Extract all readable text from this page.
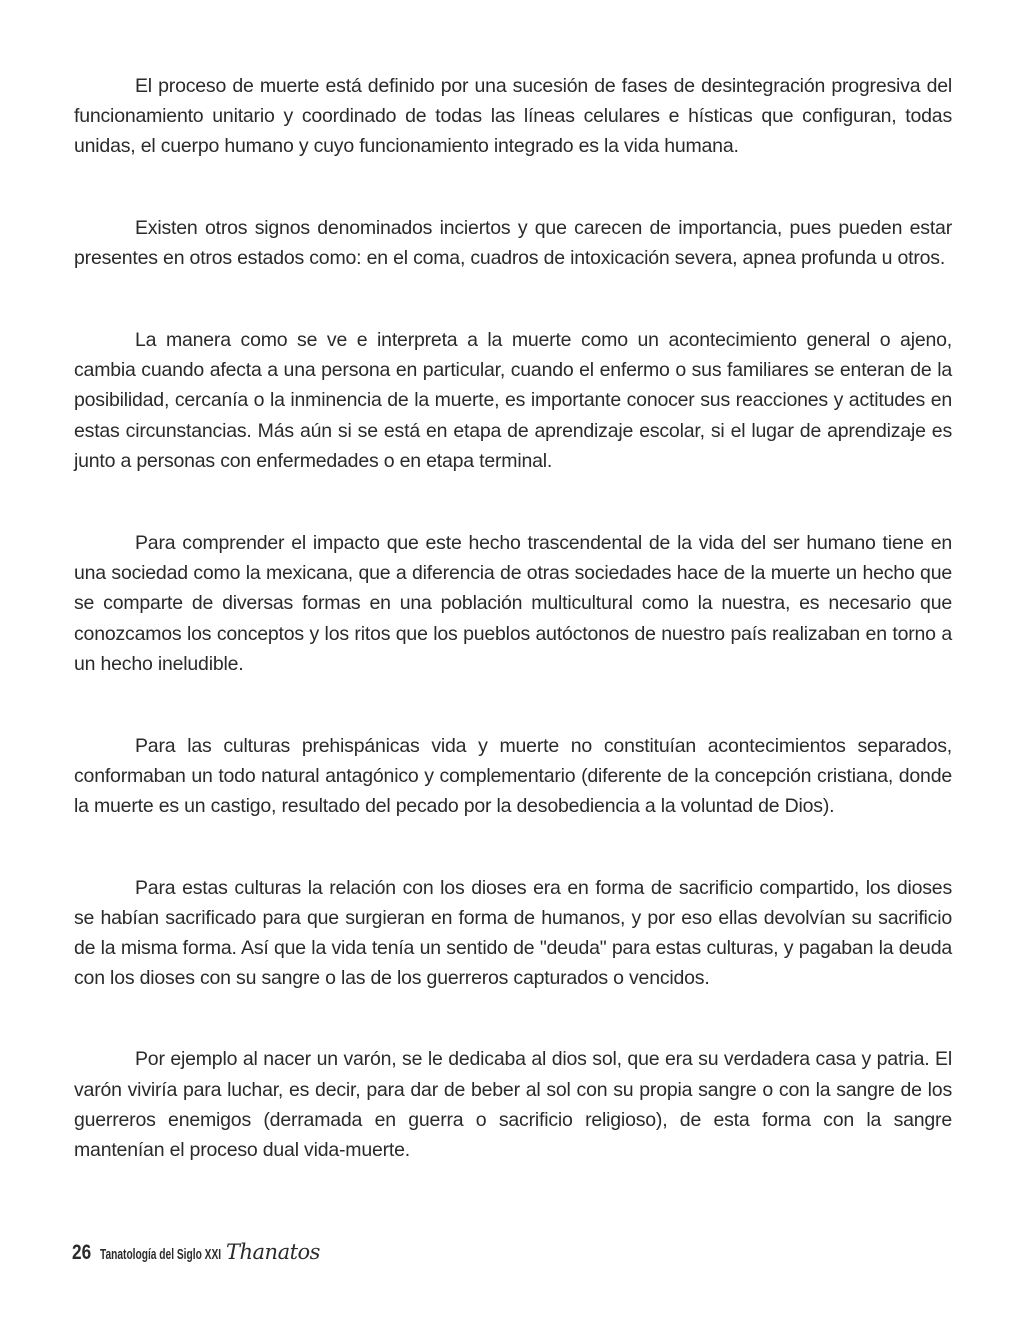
El proceso de muerte está definido por una sucesión de fases de desintegración progresiva del funcionamiento unitario y coordinado de todas las líneas celulares e hísticas que configuran, todas unidas, el cuerpo humano y cuyo funcionamiento integrado es la vida humana.

Existen otros signos denominados inciertos y que carecen de importancia, pues pueden estar presentes en otros estados como: en el coma, cuadros de intoxicación severa, apnea profunda u otros.

La manera como se ve e interpreta a la muerte como un acontecimiento general o ajeno, cambia cuando afecta a una persona en particular, cuando el enfermo o sus familiares se enteran de la posibilidad, cercanía o la inminencia de la muerte, es importante conocer sus reacciones y actitudes en estas circunstancias. Más aún si se está en etapa de aprendizaje escolar, si el lugar de aprendizaje es junto a personas con enfermedades o en etapa terminal.

Para comprender el impacto que este hecho trascendental de la vida del ser humano tiene en una sociedad como la mexicana, que a diferencia de otras sociedades hace de la muerte un hecho que se comparte de diversas formas en una población multicultural como la nuestra, es necesario que conozcamos los conceptos y los ritos que los pueblos autóctonos de nuestro país realizaban en torno a un hecho ineludible.

Para las culturas prehispánicas vida y muerte no constituían acontecimientos separados, conformaban un todo natural antagónico y complementario (diferente de la concepción cristiana, donde la muerte es un castigo, resultado del pecado por la desobediencia a la voluntad de Dios).

Para estas culturas la relación con los dioses era en forma de sacrificio compartido, los dioses se habían sacrificado para que surgieran en forma de humanos, y por eso ellas devolvían su sacrificio de la misma forma. Así que la vida tenía un sentido de "deuda" para estas culturas, y pagaban la deuda con los dioses con su sangre o las de los guerreros capturados o vencidos.

Por ejemplo al nacer un varón, se le dedicaba al dios sol, que era su verdadera casa y patria. El varón viviría para luchar, es decir, para dar de beber al sol con su propia sangre o con la sangre de los guerreros enemigos (derramada en guerra o sacrificio religioso), de esta forma con la sangre mantenían el proceso dual vida-muerte.

26 Tanatología del Siglo XXI Thanatos
